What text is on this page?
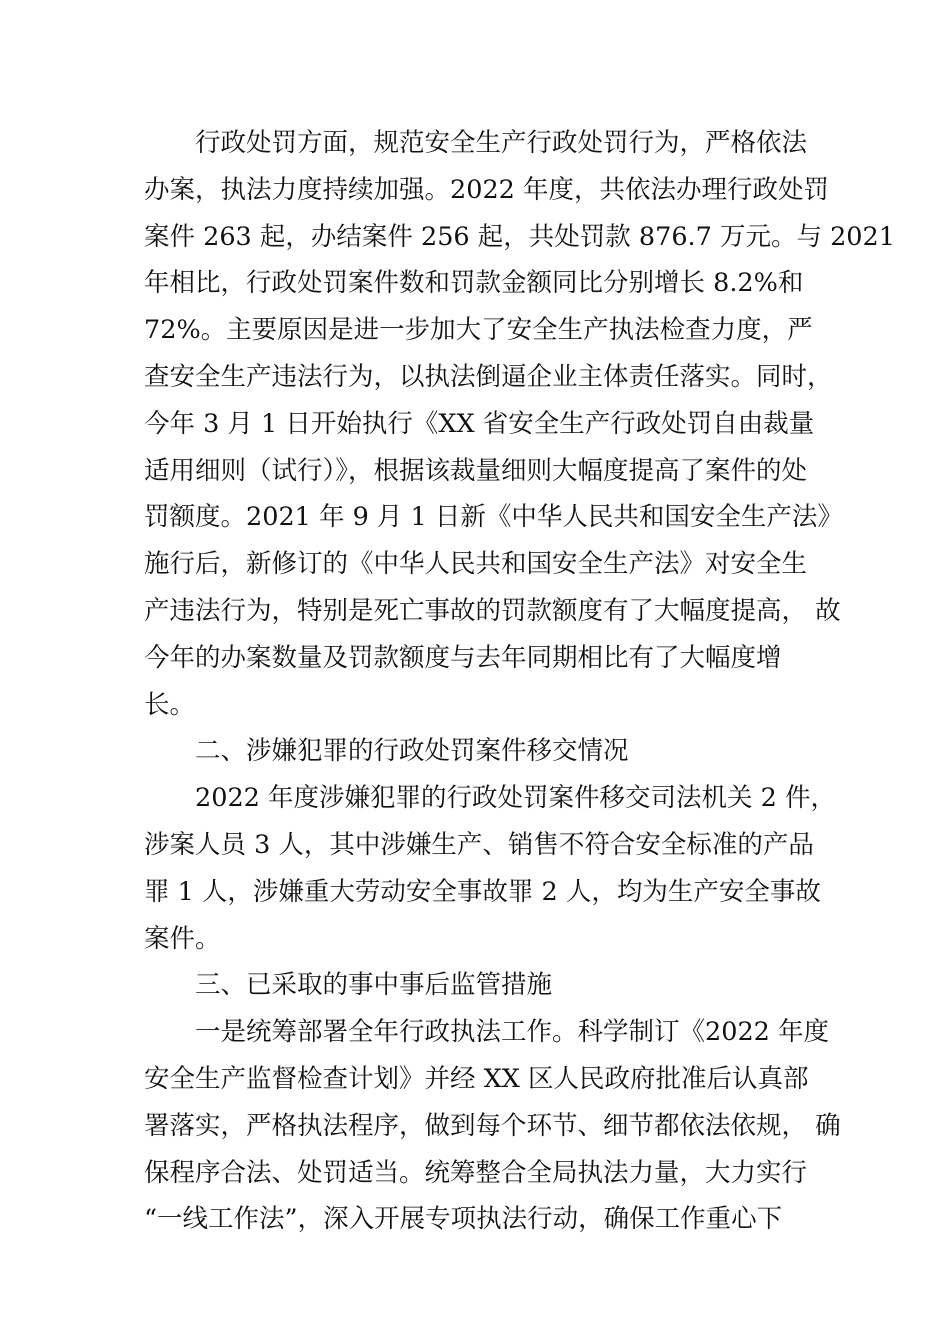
行政处罚方面，规范安全生产行政处罚行为，严格依法
办案，执法力度持续加强。2022 年度，共依法办理行政处罚
案件 263 起，办结案件 256 起，共处罚款 876.7 万元。与 2021
年相比，行政处罚案件数和罚款金额同比分别增长 8.2%和
72%。主要原因是进一步加大了安全生产执法检查力度，严
查安全生产违法行为，以执法倒逼企业主体责任落实。同时，
今年 3 月 1 日开始执行《XX 省安全生产行政处罚自由裁量
适用细则（试行）》，根据该裁量细则大幅度提高了案件的处
罚额度。2021 年 9 月 1 日新《中华人民共和国安全生产法》
施行后，新修订的《中华人民共和国安全生产法》对安全生
产违法行为，特别是死亡事故的罚款额度有了大幅度提高， 故
今年的办案数量及罚款额度与去年同期相比有了大幅度增
长。
二、涉嫌犯罪的行政处罚案件移交情况
2022 年度涉嫌犯罪的行政处罚案件移交司法机关 2 件，
涉案人员 3 人，其中涉嫌生产、销售不符合安全标准的产品
罪 1 人，涉嫌重大劳动安全事故罪 2 人，均为生产安全事故
案件。
三、已采取的事中事后监管措施
一是统筹部署全年行政执法工作。科学制订《2022 年度
安全生产监督检查计划》并经 XX 区人民政府批准后认真部
署落实，严格执法程序，做到每个环节、细节都依法依规， 确
保程序合法、处罚适当。统筹整合全局执法力量，大力实行
“一线工作法”，深入开展专项执法行动，确保工作重心下
